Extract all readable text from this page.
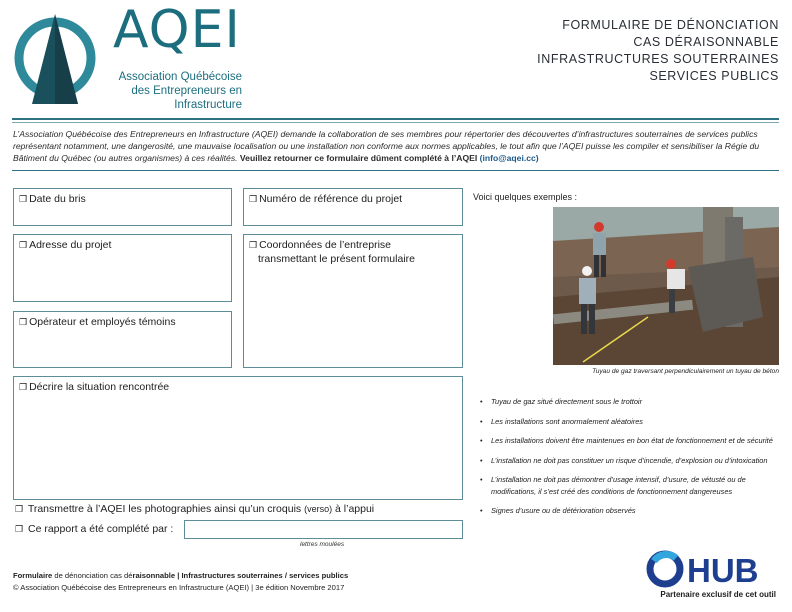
AQEI
Association Québécoise
des Entrepreneurs en
Infrastructure
FORMULAIRE DE DÉNONCIATION
CAS DÉRAISONNABLE
INFRASTRUCTURES SOUTERRAINES
SERVICES PUBLICS
L’Association Québécoise des Entrepreneurs en Infrastructure (AQEI) demande la collaboration de ses membres pour répertorier des découvertes d’infrastructures souterraines de services publics représentant notamment, une dangerosité, une mauvaise localisation ou une installation non conforme aux normes applicables, le tout afin que l’AQEI puisse les compiler et sensibiliser la Régie du Bâtiment du Québec (ou autres organismes) à ces réalités. Veuillez retourner ce formulaire dûment complété à l’AQEI (info@aqei.cc)
❒ Date du bris	❒ Numéro de référence du projet
❒ Adresse du projet	❒ Coordonnées de l’entreprise
transmettant le présent formulaire
❒ Opérateur et employés témoins
❒ Décrire la situation rencontrée
❒ Transmettre à l’AQEI les photographies ainsi qu’un croquis (verso) à l’appui
❒ Ce rapport a été complété par :
lettres moulées
Voici quelques exemples :
Tuyau de gaz traversant perpendiculairement un tuyau de béton
• Tuyau de gaz situé directement sous le trottoir
• Les installations sont anormalement aléatoires
• Les installations doivent être maintenues en bon état de fonctionnement et de sécurité
• L’installation ne doit pas constituer un risque d’incendie, d’explosion ou d’intoxication
• L’installation ne doit pas démontrer d’usage intensif, d’usure, de vétusté ou de modifications, il s’est créé des conditions de fonctionnement dangereuses
• Signes d’usure ou de détérioration observés
Formulaire de dénonciation cas déraisonnable | Infrastructures souterraines / services publics
© Association Québécoise des Entrepreneurs en Infrastructure (AQEI) | 3e édition Novembre 2017	HUB
Partenaire exclusif de cet outil
